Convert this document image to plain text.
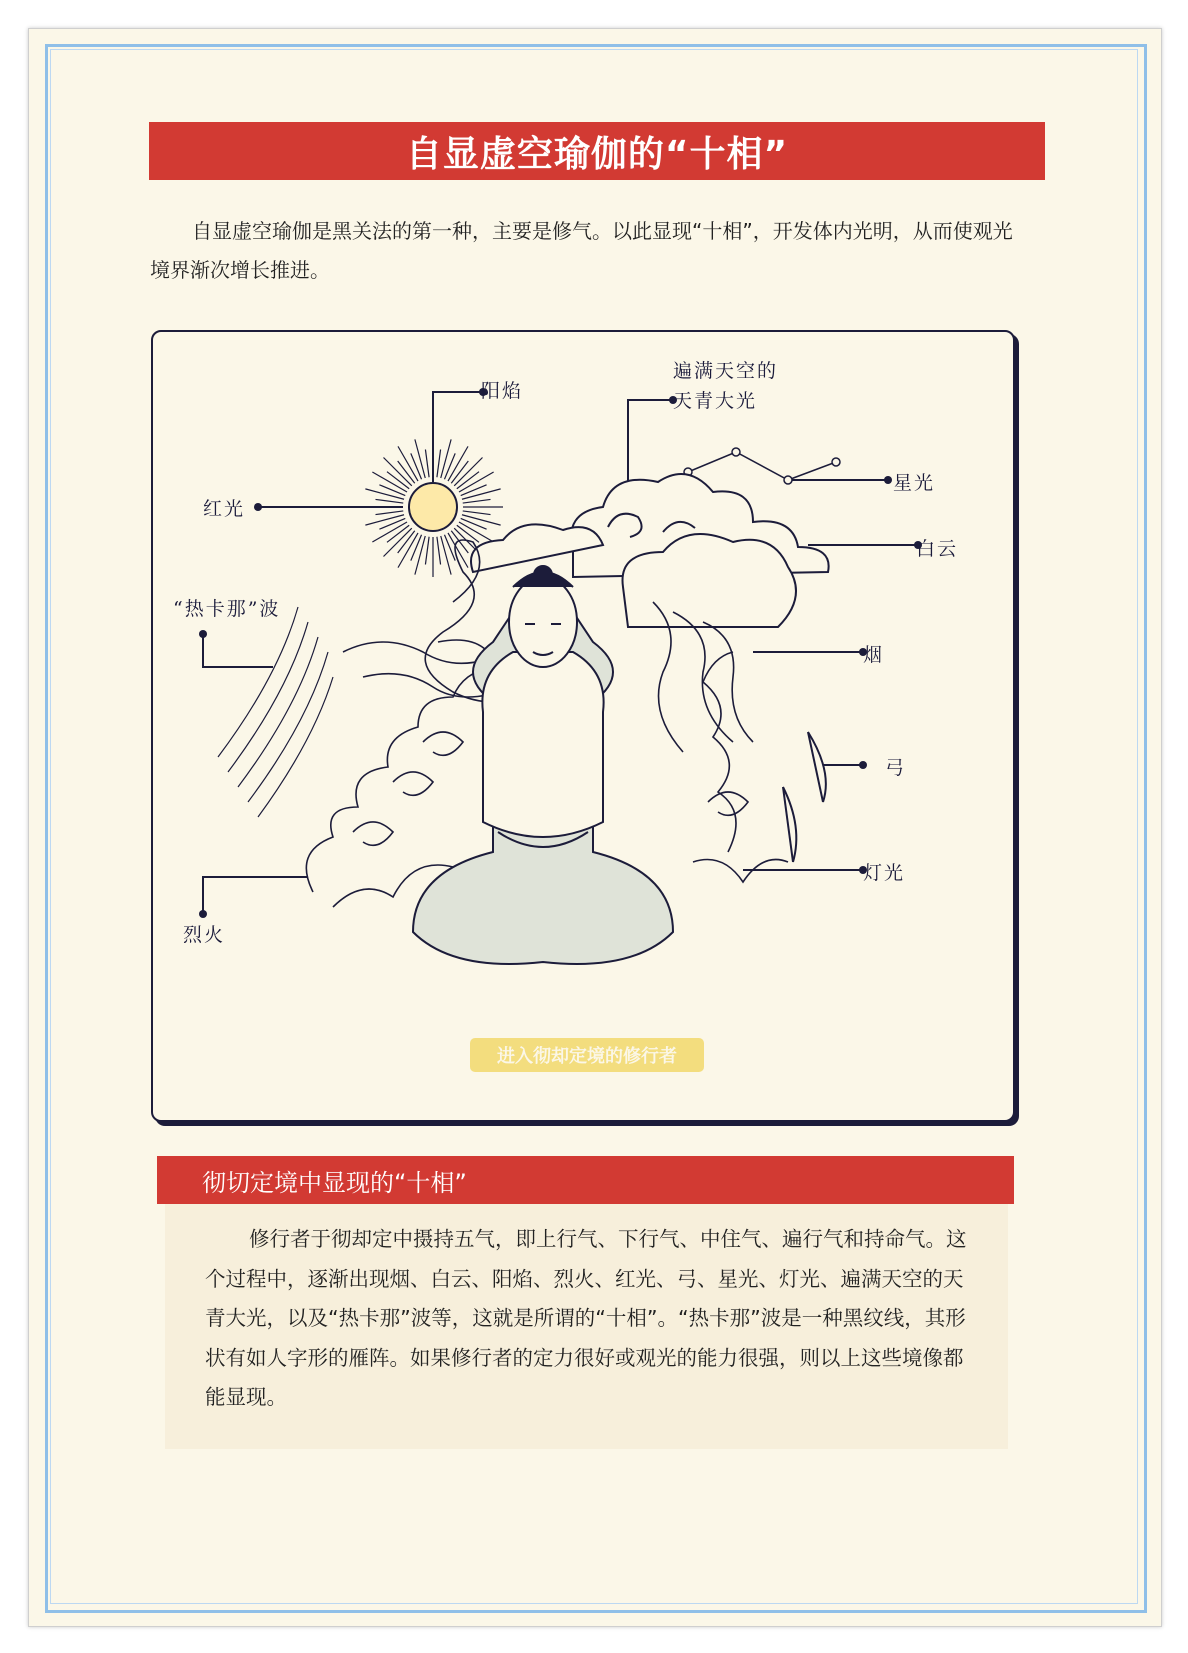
自显虚空瑜伽的“十相”
自显虚空瑜伽是黑关法的第一种，主要是修气。以此显现“十相”，开发体内光明，从而使观光境界渐次增长推进。
阳焰
遍满天空的
天青大光
红光
星光
白云
“热卡那”波
烟
弓
灯光
烈火
进入彻却定境的修行者
彻切定境中显现的“十相”

修行者于彻却定中摄持五气，即上行气、下行气、中住气、遍行气和持命气。这个过程中，逐渐出现烟、白云、阳焰、烈火、红光、弓、星光、灯光、遍满天空的天青大光，以及“热卡那”波等，这就是所谓的“十相”。“热卡那”波是一种黑纹线，其形状有如人字形的雁阵。如果修行者的定力很好或观光的能力很强，则以上这些境像都能显现。
